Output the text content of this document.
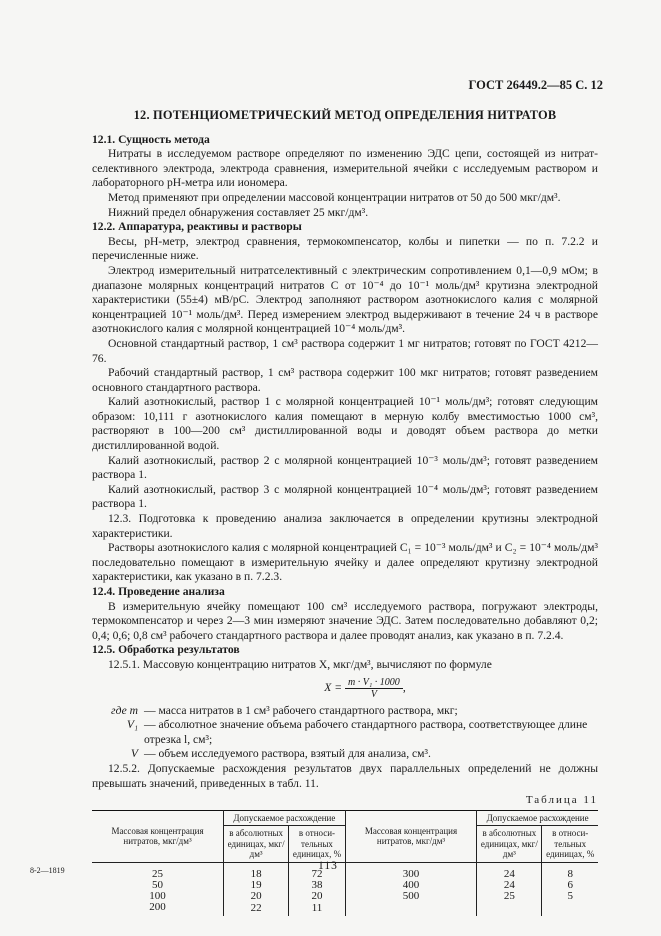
ГОСТ 26449.2—85 С. 12
12. ПОТЕНЦИОМЕТРИЧЕСКИЙ МЕТОД ОПРЕДЕЛЕНИЯ НИТРАТОВ
12.1. Сущность метода

Нитраты в исследуемом растворе определяют по изменению ЭДС цепи, состоящей из нитрат-селективного электрода, электрода сравнения, измерительной ячейки с исследуемым раствором и лабораторного pH-метра или иономера.

Метод применяют при определении массовой концентрации нитратов от 50 до 500 мкг/дм³.

Нижний предел обнаружения составляет 25 мкг/дм³.

12.2. Аппаратура, реактивы и растворы

Весы, pH-метр, электрод сравнения, термокомпенсатор, колбы и пипетки — по п. 7.2.2 и перечисленные ниже.

Электрод измерительный нитратселективный с электрическим сопротивлением 0,1—0,9 мОм; в диапазоне молярных концентраций нитратов C от 10⁻⁴ до 10⁻¹ моль/дм³ крутизна электродной характеристики (55±4) мВ/pC. Электрод заполняют раствором азотнокислого калия с молярной концентрацией 10⁻¹ моль/дм³. Перед измерением электрод выдерживают в течение 24 ч в растворе азотнокислого калия с молярной концентрацией 10⁻⁴ моль/дм³.

Основной стандартный раствор, 1 см³ раствора содержит 1 мг нитратов; готовят по ГОСТ 4212—76.

Рабочий стандартный раствор, 1 см³ раствора содержит 100 мкг нитратов; готовят разведением основного стандартного раствора.

Калий азотнокислый, раствор 1 с молярной концентрацией 10⁻¹ моль/дм³; готовят следующим образом: 10,111 г азотнокислого калия помещают в мерную колбу вместимостью 1000 см³, растворяют в 100—200 см³ дистиллированной воды и доводят объем раствора до метки дистиллированной водой.

Калий азотнокислый, раствор 2 с молярной концентрацией 10⁻³ моль/дм³; готовят разведением раствора 1.

Калий азотнокислый, раствор 3 с молярной концентрацией 10⁻⁴ моль/дм³; готовят разведением раствора 1.

12.3. Подготовка к проведению анализа заключается в определении крутизны электродной характеристики.

Растворы азотнокислого калия с молярной концентрацией C₁ = 10⁻³ моль/дм³ и C₂ = 10⁻⁴ моль/дм³ последовательно помещают в измерительную ячейку и далее определяют крутизну электродной характеристики, как указано в п. 7.2.3.

12.4. Проведение анализа

В измерительную ячейку помещают 100 см³ исследуемого раствора, погружают электроды, термокомпенсатор и через 2—3 мин измеряют значение ЭДС. Затем последовательно добавляют 0,2; 0,4; 0,6; 0,8 см³ рабочего стандартного раствора и далее проводят анализ, как указано в п. 7.2.4.

12.5. Обработка результатов

12.5.1. Массовую концентрацию нитратов X, мкг/дм³, вычисляют по формуле

$X = \frac{\text{m · V₁ · 1000}}{V}$ ,
где m — масса нитратов в 1 см³ рабочего стандартного раствора, мкг;
V₁ — абсолютное значение объема рабочего стандартного раствора, соответствующее длине отрезка l, см³;
V — объем исследуемого раствора, взятый для анализа, см³.

12.5.2. Допускаемые расхождения результатов двух параллельных определений не должны превышать значений, приведенных в табл. 11.

Таблица 11
Массовая концентрация нитратов, мкг/дм³	Допускаемое расхождение		Массовая концентрация нитратов, мкг/дм³	Допускаемое расхождение	
	в абсолютных единицах, мкг/дм³	в относи-тельных единицах, %		в абсолютных единицах, мкг/дм³	в относи-тельных единицах, %
25	18	72	300	24	8
50	19	38	400	24	6
100	20	20	500	25	5
200	22	11			
8-2—1819	113
